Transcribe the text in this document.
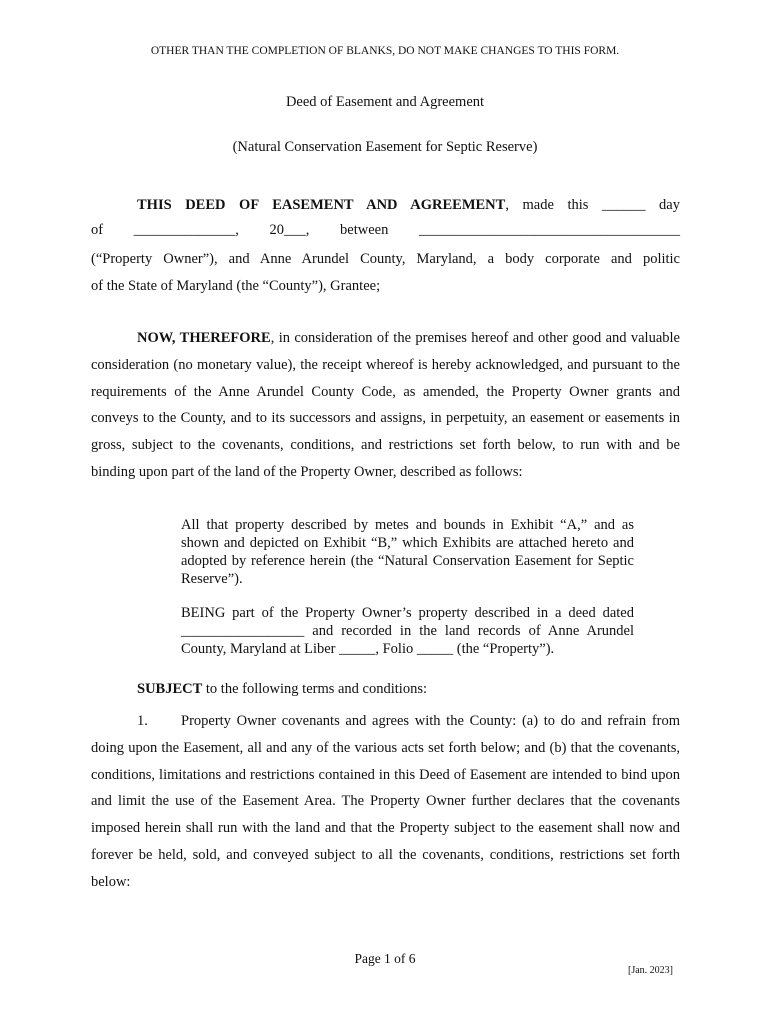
OTHER THAN THE COMPLETION OF BLANKS, DO NOT MAKE CHANGES TO THIS FORM.

Deed of Easement and Agreement

(Natural Conservation Easement for Septic Reserve)

THIS DEED OF EASEMENT AND AGREEMENT, made this ______ day

of ______________, 20___, between ____________________________________

(“Property Owner”), and Anne Arundel County, Maryland, a body corporate and politic

of the State of Maryland (the “County”), Grantee;

NOW, THEREFORE, in consideration of the premises hereof and other good and valuable consideration (no monetary value), the receipt whereof is hereby acknowledged, and pursuant to the requirements of the Anne Arundel County Code, as amended, the Property Owner grants and conveys to the County, and to its successors and assigns, in perpetuity, an easement or easements in gross, subject to the covenants, conditions, and restrictions set forth below, to run with and be binding upon part of the land of the Property Owner, described as follows:

All that property described by metes and bounds in Exhibit “A,” and as shown and depicted on Exhibit “B,” which Exhibits are attached hereto and adopted by reference herein (the “Natural Conservation Easement for Septic Reserve”).

BEING part of the Property Owner’s property described in a deed dated _________________ and recorded in the land records of Anne Arundel County, Maryland at Liber _____, Folio _____ (the “Property”).

SUBJECT to the following terms and conditions:

1. Property Owner covenants and agrees with the County: (a) to do and refrain from doing upon the Easement, all and any of the various acts set forth below; and (b) that the covenants, conditions, limitations and restrictions contained in this Deed of Easement are intended to bind upon and limit the use of the Easement Area. The Property Owner further declares that the covenants imposed herein shall run with the land and that the Property subject to the easement shall now and forever be held, sold, and conveyed subject to all the covenants, conditions, restrictions set forth below:

Page 1 of 6

[Jan. 2023]
